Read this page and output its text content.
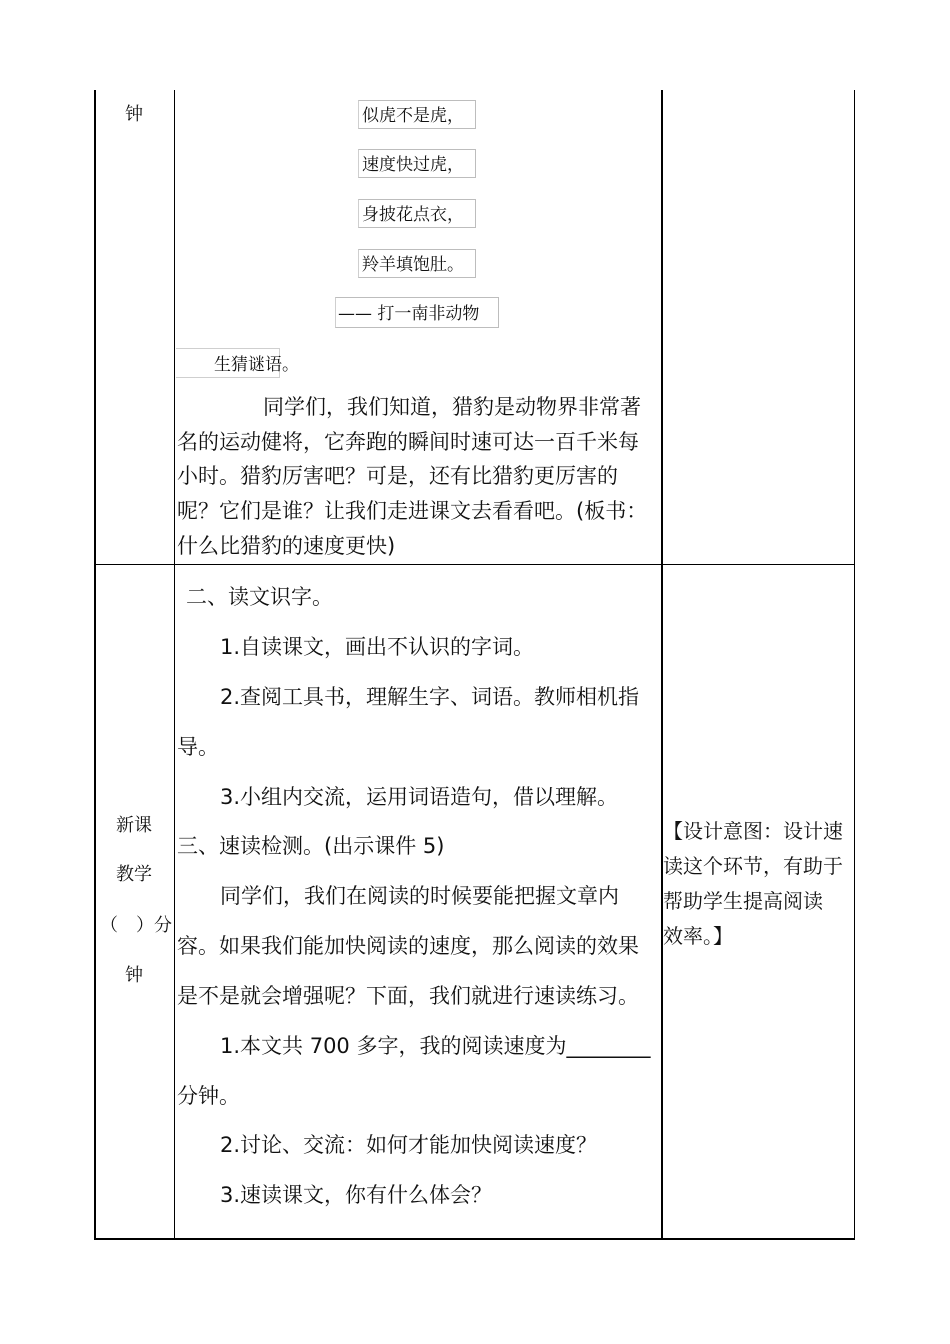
钟	似虎不是虎，
速度快过虎，
身披花点衣，
羚羊填饱肚。
—— 打一南非动物
生猜谜语。
同学们，我们知道，猎豹是动物界非常著
名的运动健将，它奔跑的瞬间时速可达一百千米每
小时。猎豹厉害吧？可是，还有比猎豹更厉害的
呢？它们是谁？让我们走进课文去看看吧。(板书：
什么比猎豹的速度更快)
新课
教学
（　）分
钟
二、读文识字。
1.自读课文，画出不认识的字词。
2.查阅工具书，理解生字、词语。教师相机指
导。
3.小组内交流，运用词语造句，借以理解。
三、速读检测。(出示课件 5)
同学们，我们在阅读的时候要能把握文章内
容。如果我们能加快阅读的速度，那么阅读的效果
是不是就会增强呢？下面，我们就进行速读练习。
1.本文共 700 多字，我的阅读速度为________
分钟。
2.讨论、交流：如何才能加快阅读速度？
3.速读课文，你有什么体会？
【设计意图：设计速
读这个环节，有助于
帮助学生提高阅读
效率。】
